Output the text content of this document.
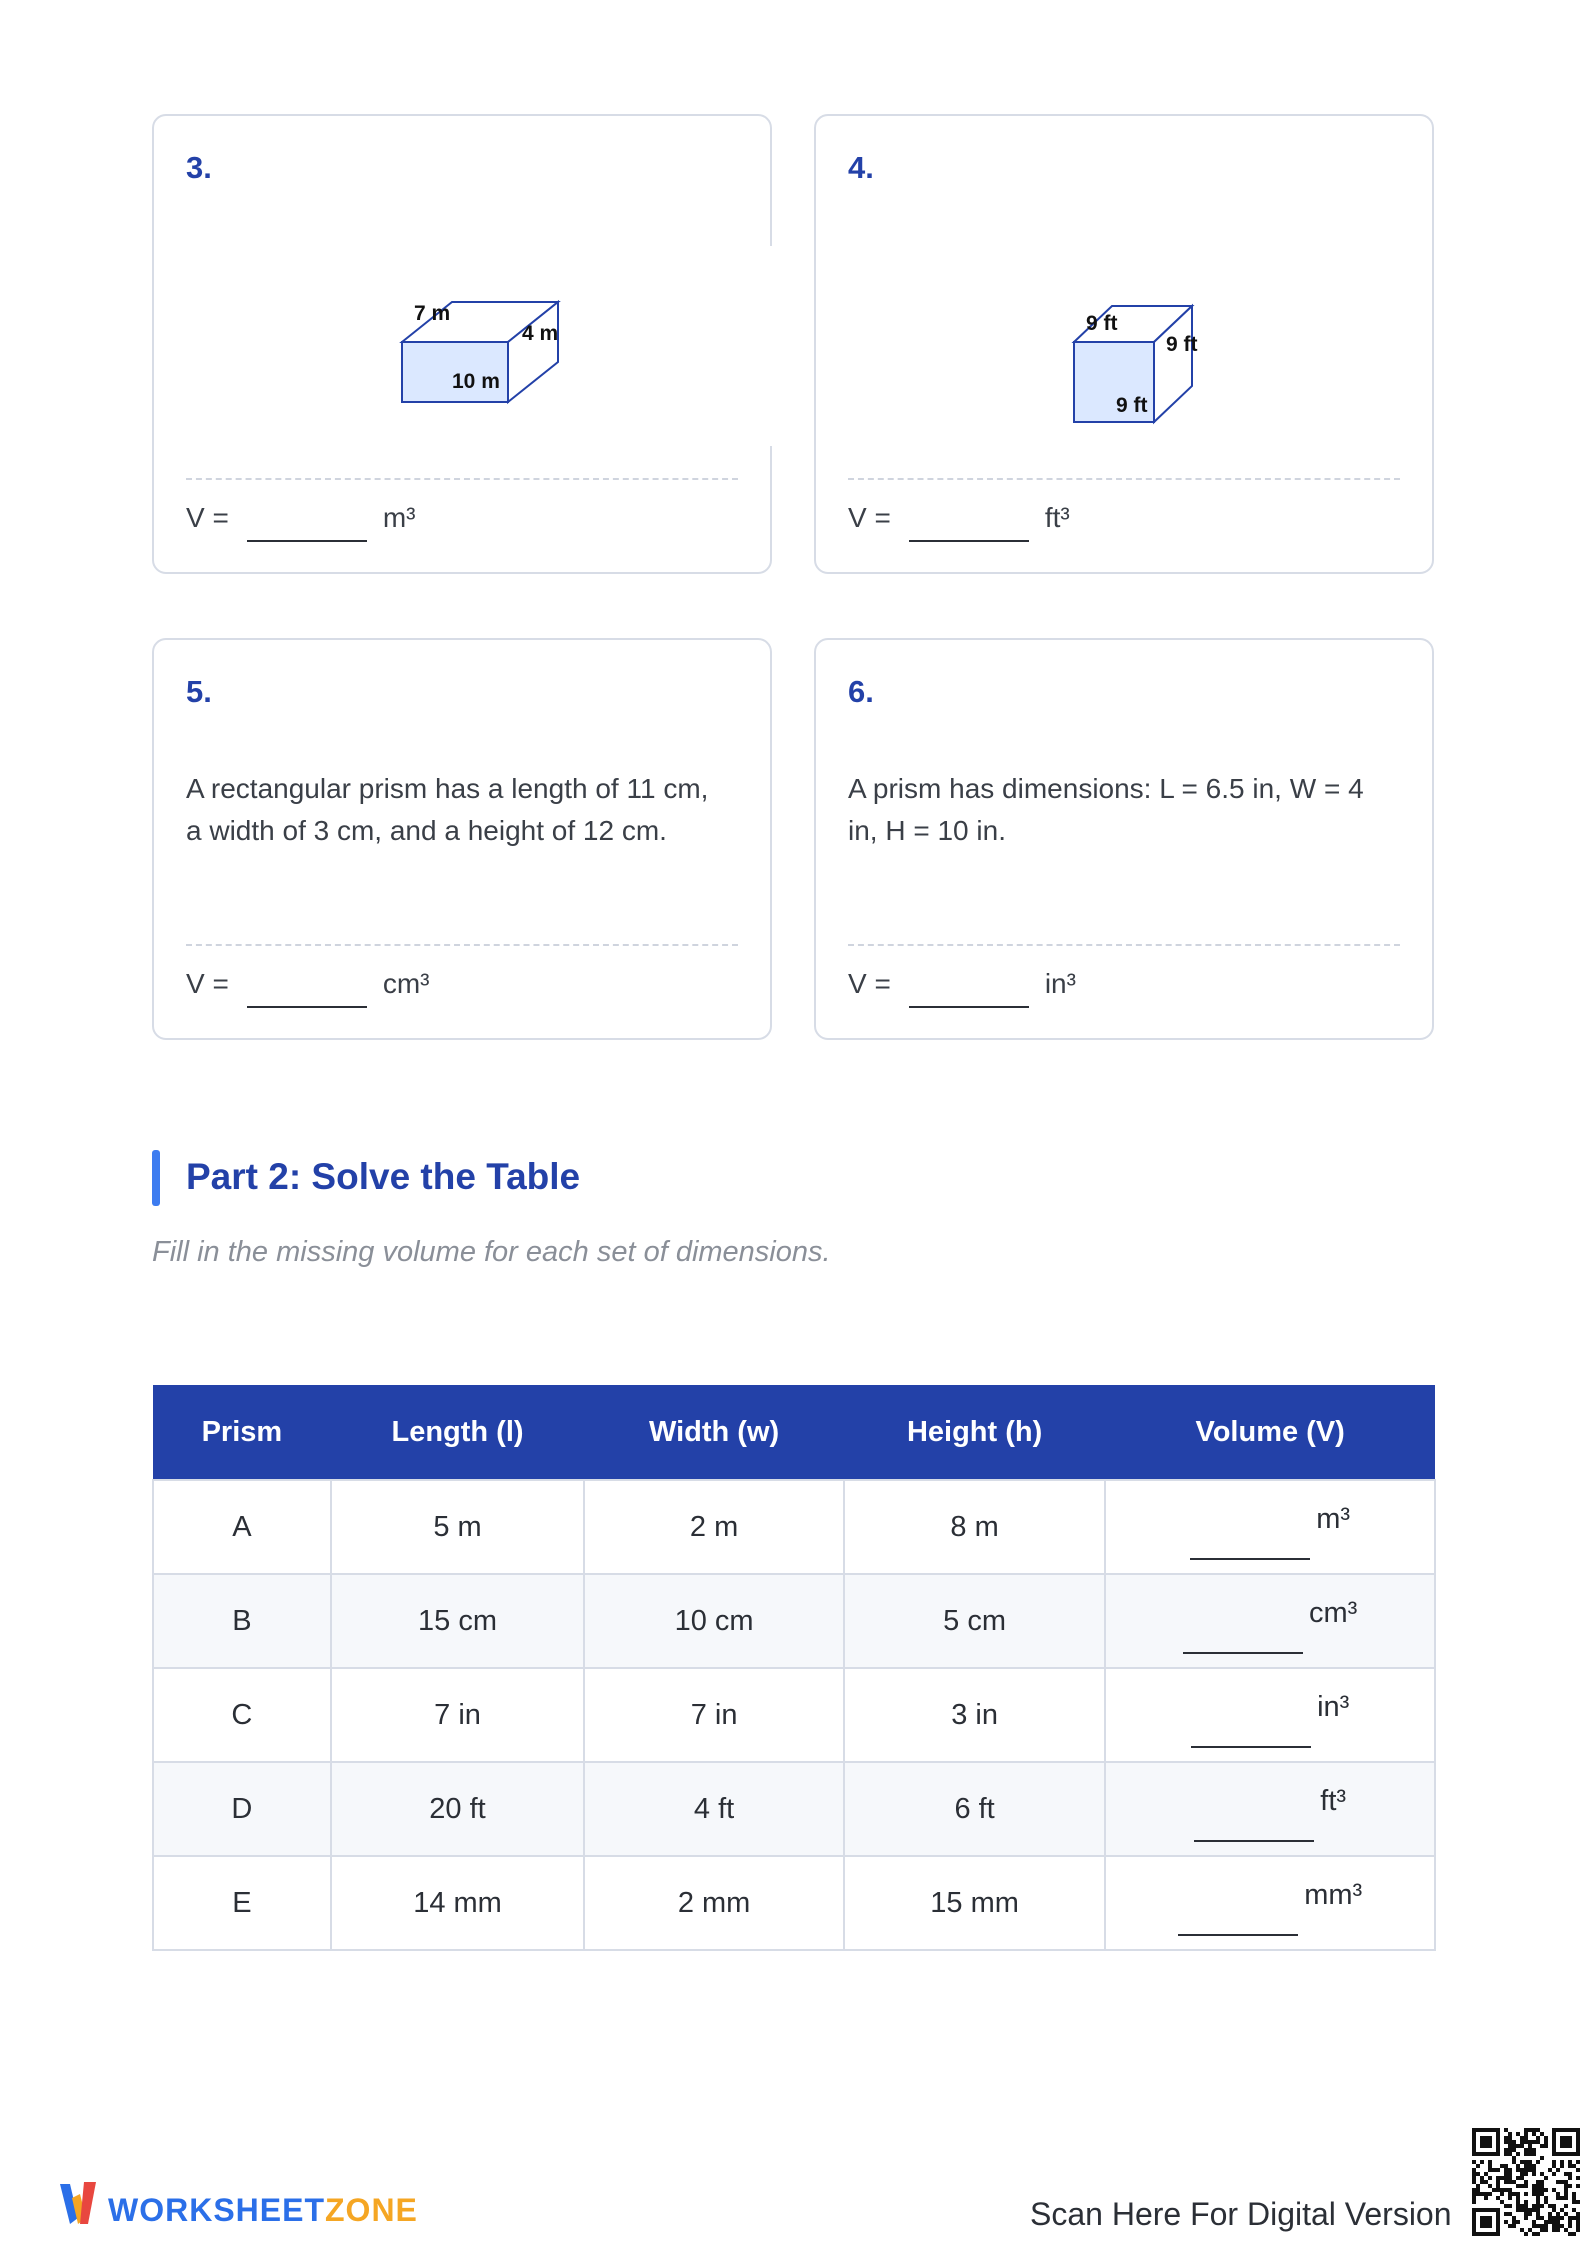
3.
7 m
4 m
10 m
V =	m³
4.
9 ft
9 ft
9 ft
V =	ft³
5.
A rectangular prism has a length of 11 cm, a width of 3 cm, and a height of 12 cm.
V =	cm³
6.
A prism has dimensions: L = 6.5 in, W = 4 in, H = 10 in.
V =	in³
Part 2: Solve the Table
Fill in the missing volume for each set of dimensions.
Prism	Length (l)	Width (w)	Height (h)	Volume (V)
A	5 m	2 m	8 m	m³

B	15 cm	10 cm	5 cm	cm³

C	7 in	7 in	3 in	in³

D	20 ft	4 ft	6 ft	ft³

E	14 mm	2 mm	15 mm	mm³
WORKSHEETZONE	Scan Here For Digital Version
